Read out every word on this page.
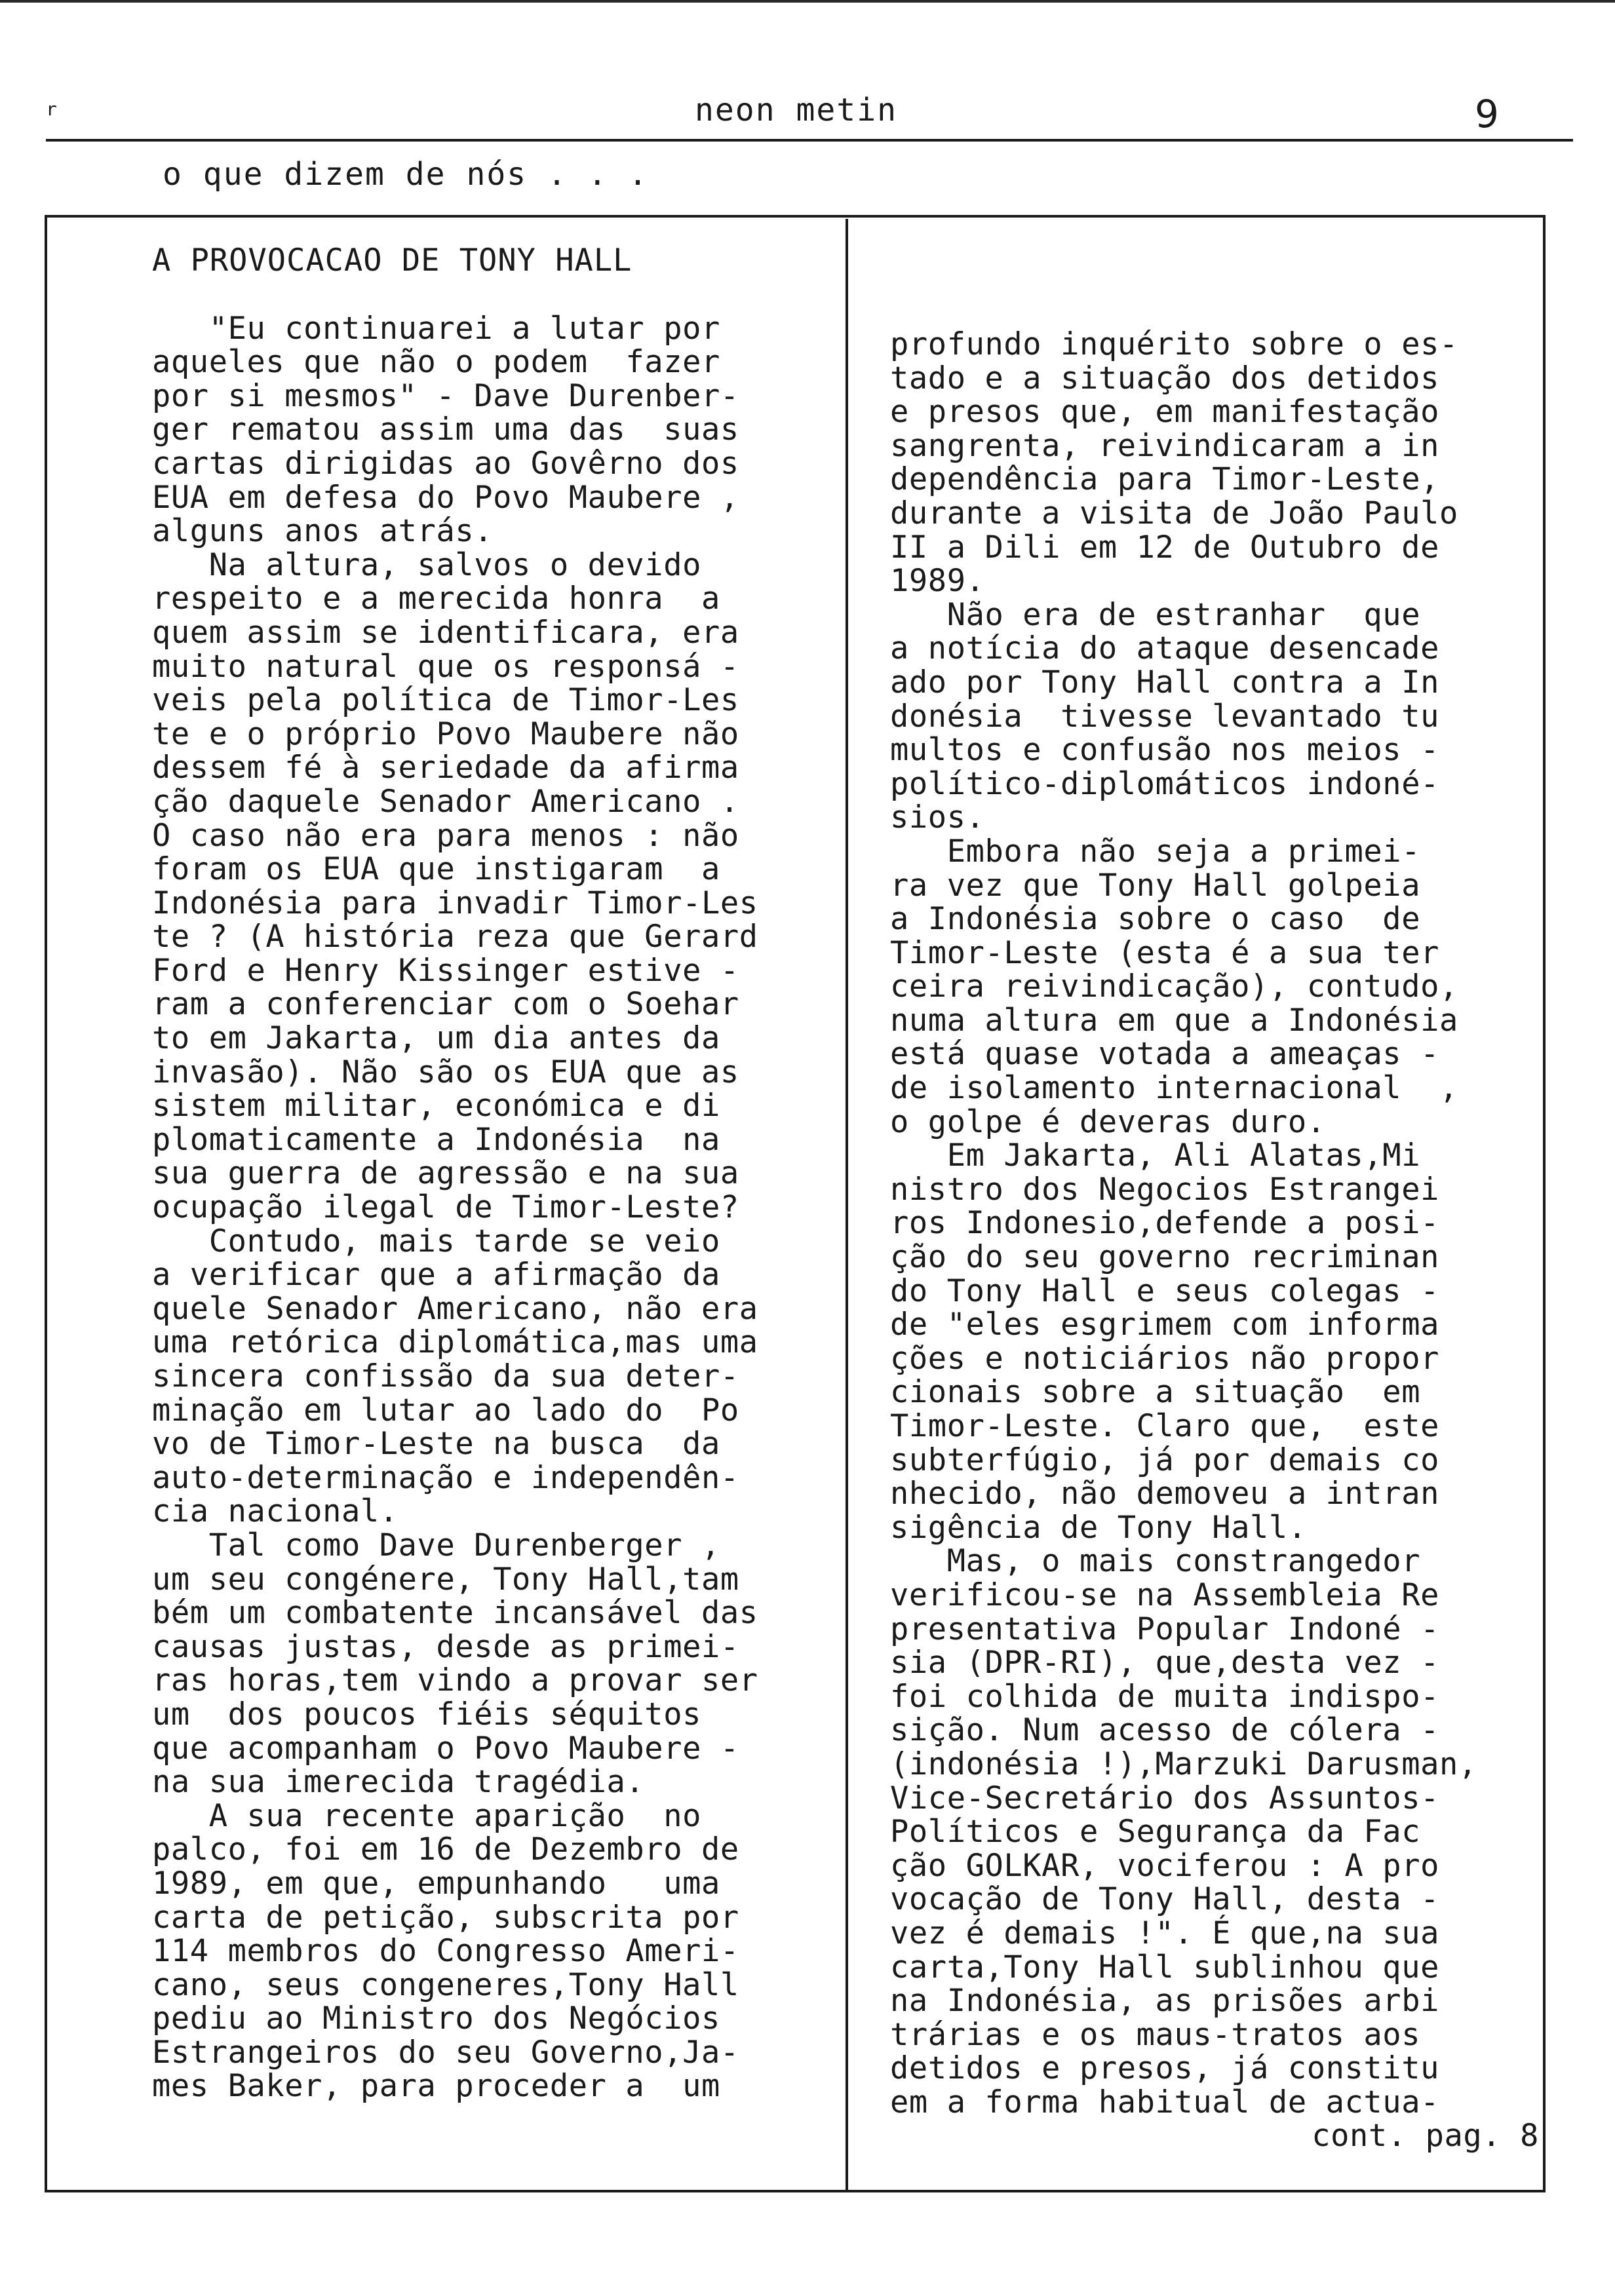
r	neon metin	9
o que dizem de nós . . .

A PROVOCACAO DE TONY HALL

"Eu continuarei a lutar por

aqueles que não o podem  fazer

por si mesmos" - Dave Durenber-

ger rematou assim uma das  suas

cartas dirigidas ao Govêrno dos

EUA em defesa do Povo Maubere ,

alguns anos atrás.

Na altura, salvos o devido

respeito e a merecida honra  a

quem assim se identificara, era

muito natural que os responsá -

veis pela política de Timor-Les

te e o próprio Povo Maubere não

dessem fé à seriedade da afirma

ção daquele Senador Americano .

O caso não era para menos : não

foram os EUA que instigaram  a

Indonésia para invadir Timor-Les

te ? (A história reza que Gerard

Ford e Henry Kissinger estive -

ram a conferenciar com o Soehar

to em Jakarta, um dia antes da

invasão). Não são os EUA que as

sistem militar, económica e di

plomaticamente a Indonésia  na

sua guerra de agressão e na sua

ocupação ilegal de Timor-Leste?

Contudo, mais tarde se veio

a verificar que a afirmação da

quele Senador Americano, não era

uma retórica diplomática,mas uma

sincera confissão da sua deter-

minação em lutar ao lado do  Po

vo de Timor-Leste na busca  da

auto-determinação e independên-

cia nacional.

Tal como Dave Durenberger ,

um seu congénere, Tony Hall,tam

bém um combatente incansável das

causas justas, desde as primei-

ras horas,tem vindo a provar ser

um  dos poucos fiéis séquitos

que acompanham o Povo Maubere -

na sua imerecida tragédia.

A sua recente aparição  no

palco, foi em 16 de Dezembro de

1989, em que, empunhando   uma

carta de petição, subscrita por

114 membros do Congresso Ameri-

cano, seus congeneres,Tony Hall

pediu ao Ministro dos Negócios

Estrangeiros do seu Governo,Ja-

mes Baker, para proceder a  um

profundo inquérito sobre o es-

tado e a situação dos detidos

e presos que, em manifestação

sangrenta, reivindicaram a in

dependência para Timor-Leste,

durante a visita de João Paulo

II a Dili em 12 de Outubro de

1989.

Não era de estranhar  que

a notícia do ataque desencade

ado por Tony Hall contra a In

donésia  tivesse levantado tu

multos e confusão nos meios -

político-diplomáticos indoné-

sios.

Embora não seja a primei-

ra vez que Tony Hall golpeia

a Indonésia sobre o caso  de

Timor-Leste (esta é a sua ter

ceira reivindicação), contudo,

numa altura em que a Indonésia

está quase votada a ameaças -

de isolamento internacional  ,

o golpe é deveras duro.

Em Jakarta, Ali Alatas,Mi

nistro dos Negocios Estrangei

ros Indonesio,defende a posi-

ção do seu governo recriminan

do Tony Hall e seus colegas -

de "eles esgrimem com informa

ções e noticiários não propor

cionais sobre a situação  em

Timor-Leste. Claro que,  este

subterfúgio, já por demais co

nhecido, não demoveu a intran

sigência de Tony Hall.

Mas, o mais constrangedor

verificou-se na Assembleia Re

presentativa Popular Indoné -

sia (DPR-RI), que,desta vez -

foi colhida de muita indispo-

sição. Num acesso de cólera -

(indonésia !),Marzuki Darusman,

Vice-Secretário dos Assuntos-

Políticos e Segurança da Fac

ção GOLKAR, vociferou : A pro

vocação de Tony Hall, desta -

vez é demais !". É que,na sua

carta,Tony Hall sublinhou que

na Indonésia, as prisões arbi

trárias e os maus-tratos aos

detidos e presos, já constitu

em a forma habitual de actua-

cont. pag. 8
